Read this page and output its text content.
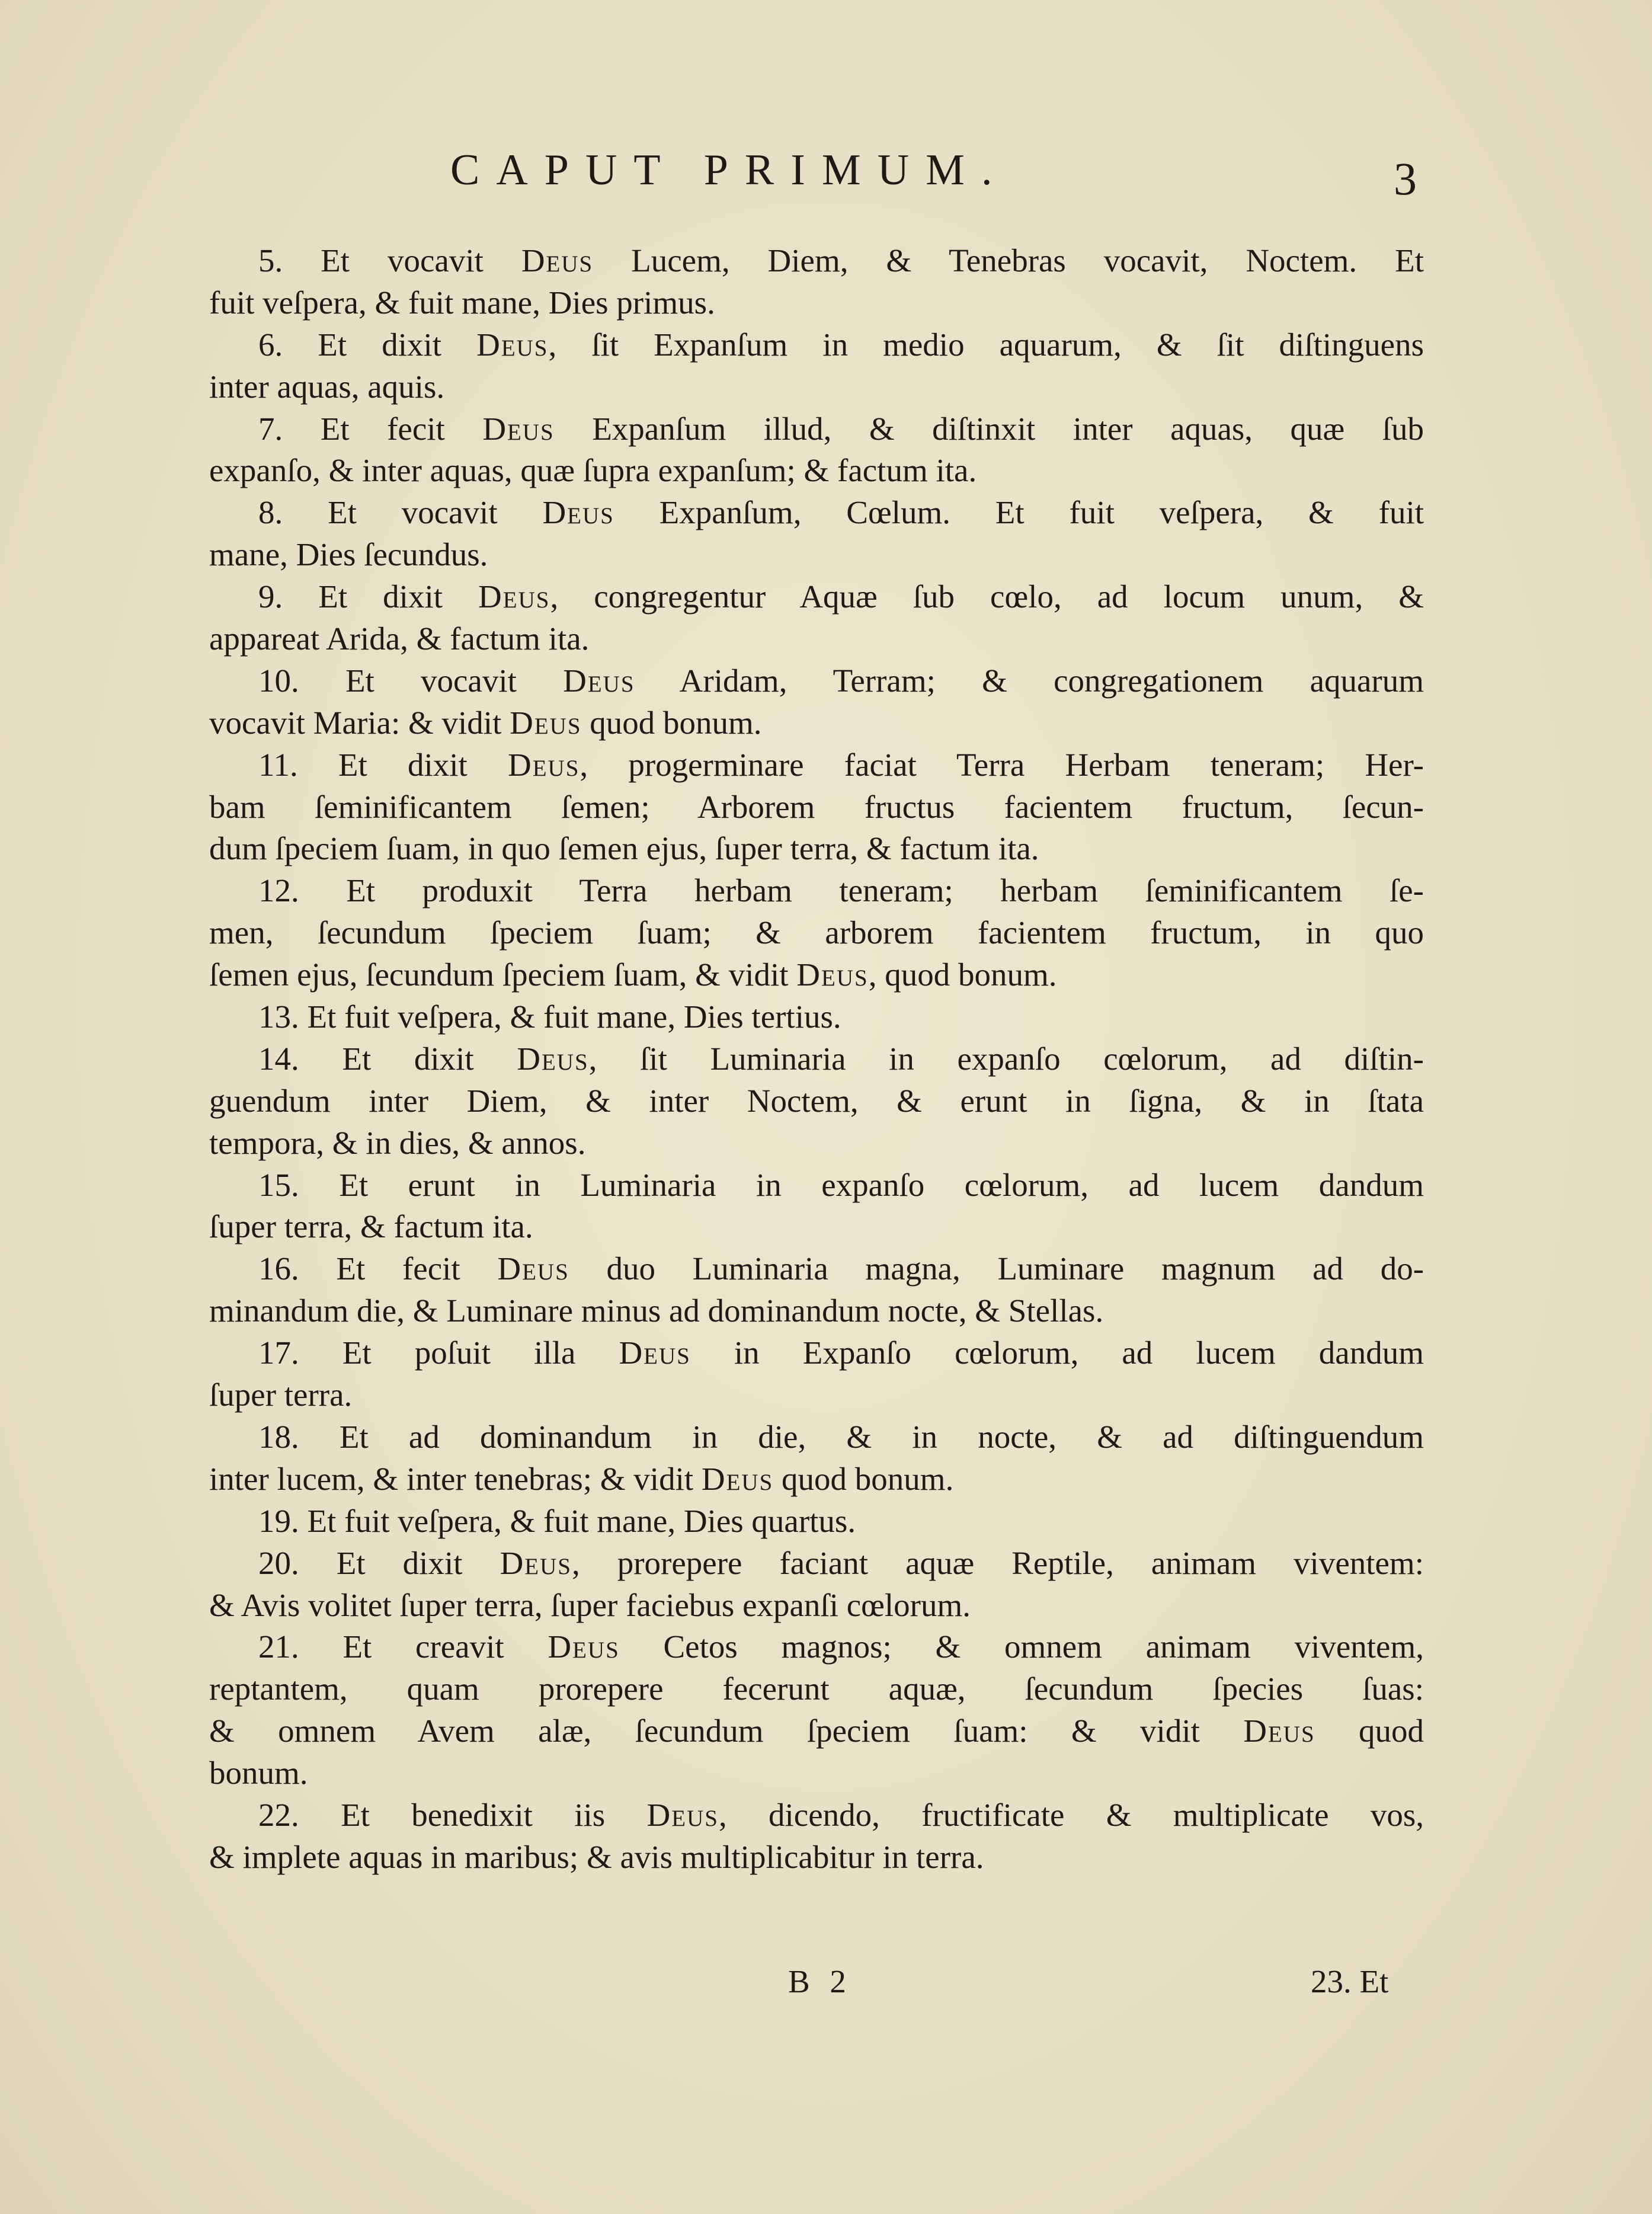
CAPUT PRIMUM.	3
5. Et vocavit Deus Lucem, Diem, & Tenebras vocavit, Noctem. Et
fuit veſpera, & fuit mane, Dies primus.
6. Et dixit Deus, ſit Expanſum in medio aquarum, & ſit diſtinguens
inter aquas, aquis.
7. Et fecit Deus Expanſum illud, & diſtinxit inter aquas, quæ ſub
expanſo, & inter aquas, quæ ſupra expanſum; & factum ita.
8. Et vocavit Deus Expanſum, Cœlum. Et fuit veſpera, & fuit
mane, Dies ſecundus.
9. Et dixit Deus, congregentur Aquæ ſub cœlo, ad locum unum, &
appareat Arida, & factum ita.
10. Et vocavit Deus Aridam, Terram; & congregationem aquarum
vocavit Maria: & vidit Deus quod bonum.
11. Et dixit Deus, progerminare faciat Terra Herbam teneram; Her-
bam ſeminificantem ſemen; Arborem fructus facientem fructum, ſecun-
dum ſpeciem ſuam, in quo ſemen ejus, ſuper terra, & factum ita.
12. Et produxit Terra herbam teneram; herbam ſeminificantem ſe-
men, ſecundum ſpeciem ſuam; & arborem facientem fructum, in quo
ſemen ejus, ſecundum ſpeciem ſuam, & vidit Deus, quod bonum.
13. Et fuit veſpera, & fuit mane, Dies tertius.
14. Et dixit Deus, ſit Luminaria in expanſo cœlorum, ad diſtin-
guendum inter Diem, & inter Noctem, & erunt in ſigna, & in ſtata
tempora, & in dies, & annos.
15. Et erunt in Luminaria in expanſo cœlorum, ad lucem dandum
ſuper terra, & factum ita.
16. Et fecit Deus duo Luminaria magna, Luminare magnum ad do-
minandum die, & Luminare minus ad dominandum nocte, & Stellas.
17. Et poſuit illa Deus in Expanſo cœlorum, ad lucem dandum
ſuper terra.
18. Et ad dominandum in die, & in nocte, & ad diſtinguendum
inter lucem, & inter tenebras; & vidit Deus quod bonum.
19. Et fuit veſpera, & fuit mane, Dies quartus.
20. Et dixit Deus, prorepere faciant aquæ Reptile, animam viventem:
& Avis volitet ſuper terra, ſuper faciebus expanſi cœlorum.
21. Et creavit Deus Cetos magnos; & omnem animam viventem,
reptantem, quam prorepere fecerunt aquæ, ſecundum ſpecies ſuas:
& omnem Avem alæ, ſecundum ſpeciem ſuam: & vidit Deus quod
bonum.
22. Et benedixit iis Deus, dicendo, fructificate & multiplicate vos,
& implete aquas in maribus; & avis multiplicabitur in terra.
B 2	23. Et
